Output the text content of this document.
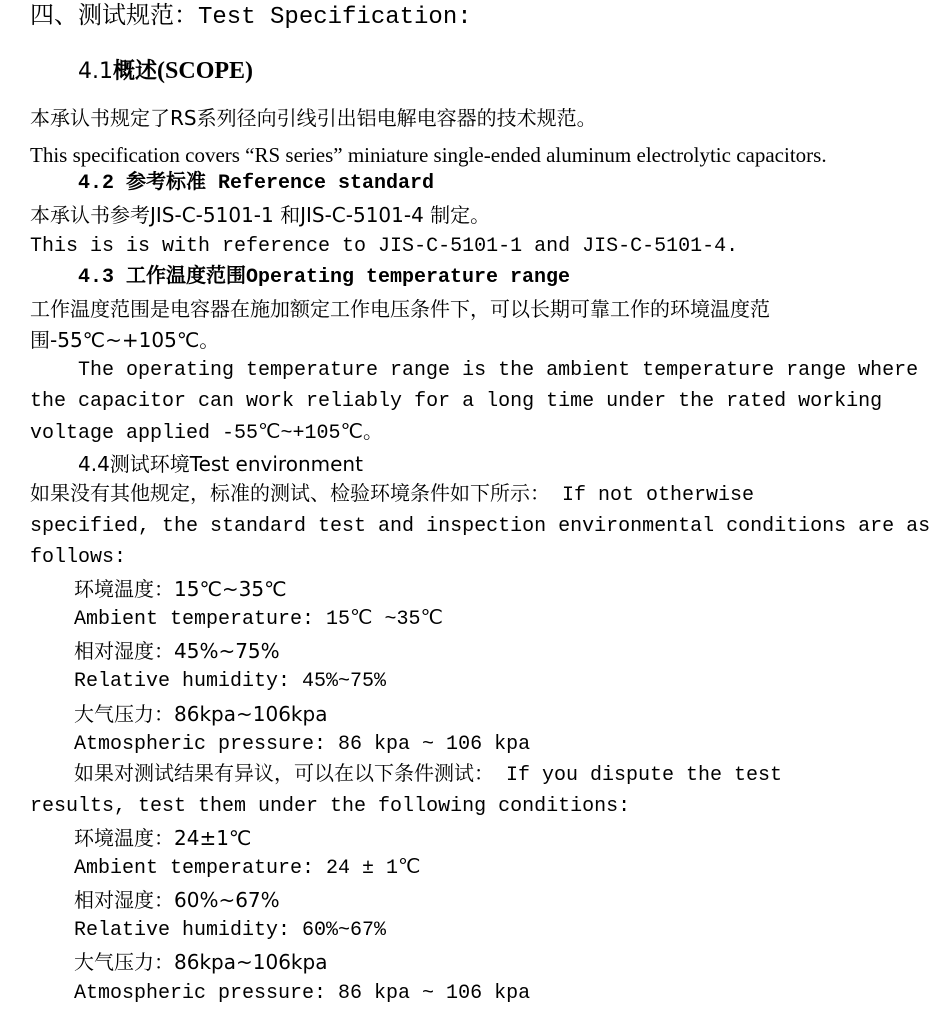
四、测试规范：Test Specification:
4.1概述(SCOPE)
本承认书规定了RS系列径向引线引出铝电解电容器的技术规范。
This specification covers “RS series” miniature single-ended aluminum electrolytic capacitors.
4.2 参考标准 Reference standard
本承认书参考JIS-C-5101-1 和JIS-C-5101-4 制定。
This is is with reference to JIS-C-5101-1 and JIS-C-5101-4.
4.3 工作温度范围Operating temperature range
工作温度范围是电容器在施加额定工作电压条件下，可以长期可靠工作的环境温度范
围-55℃~+105℃。
The operating temperature range is the ambient temperature range where
the capacitor can work reliably for a long time under the rated working
voltage applied -55℃~+105℃。
4.4测试环境Test environment
如果没有其他规定，标准的测试、检验环境条件如下所示： If not otherwise
specified, the standard test and inspection environmental conditions are as
follows:
环境温度：15℃~35℃
Ambient temperature: 15℃ ~35℃
相对湿度：45%~75%
Relative humidity: 45%~75%
大气压力：86kpa~106kpa
Atmospheric pressure: 86 kpa ~ 106 kpa
如果对测试结果有异议，可以在以下条件测试： If you dispute the test
results, test them under the following conditions:
环境温度：24±1℃
Ambient temperature: 24 ± 1℃
相对湿度：60%~67%
Relative humidity: 60%~67%
大气压力：86kpa~106kpa
Atmospheric pressure: 86 kpa ~ 106 kpa
